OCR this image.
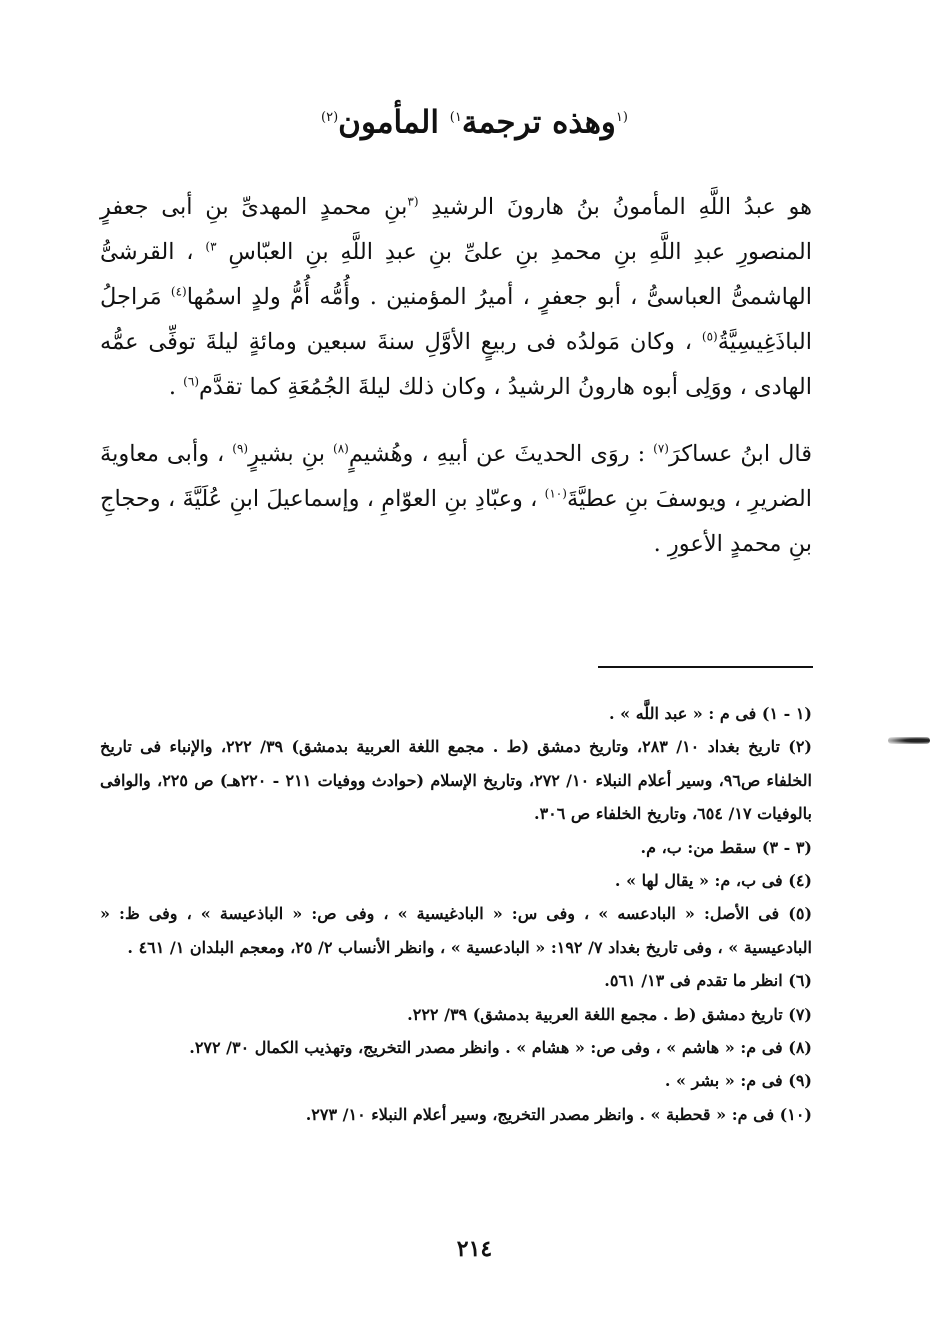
$^{(١}$وهذه ترجمة$^{١)}$ المأمون$^{(٢)}$

هو عبدُ اللَّهِ المأمونُ بنُ هارونَ الرشيدِ $^{(٣}$بنِ محمدٍ المهدىِّ بنِ أبى جعفرٍ المنصورِ عبدِ اللَّهِ بنِ محمدِ بنِ علىِّ بنِ عبدِ اللَّهِ بنِ العبّاسِ $^{٣)}$ ، القرشىُّ الهاشمىُّ العباسىُّ ، أبو جعفرٍ ، أميرُ المؤمنين . وأُمُّه أُمُّ ولدٍ اسمُها$^{(٤)}$ مَراجلُ الباذَغِيسِيَّةُ$^{(٥)}$ ، وكان مَولدُه فى ربيعٍ الأوَّلِ سنةَ سبعين ومائةٍ ليلةَ توفِّى عمُّه الهادى ، ووَلِى أبوه هارونُ الرشيدُ ، وكان ذلك ليلةَ الجُمُعَةِ كما تقدَّم$^{(٦)}$ .

قال ابنُ عساكرَ$^{(٧)}$ : روَى الحديثَ عن أبيهِ ، وهُشيمٍ$^{(٨)}$ بنِ بشيرٍ$^{(٩)}$ ، وأبى معاويةَ الضريرِ ، ويوسفَ بنِ عطيَّةَ$^{(١٠)}$ ، وعبّادِ بنِ العوّامِ ، وإسماعيلَ ابنِ عُلَيَّةَ ، وحجاجِ بنِ محمدٍ الأعورِ .

(١ - ١) فى م : « عبد اللَّه » .

(٢) تاريخ بغداد ١٠/ ٢٨٣، وتاريخ دمشق (ط . مجمع اللغة العربية بدمشق) ٣٩/ ٢٢٢، والإنباء فى تاريخ الخلفاء ص٩٦، وسير أعلام النبلاء ١٠/ ٢٧٢، وتاريخ الإسلام (حوادث ووفيات ٢١١ - ٢٢٠هـ) ص ٢٢٥، والوافى بالوفيات ١٧/ ٦٥٤، وتاريخ الخلفاء ص ٣٠٦.

(٣ - ٣) سقط من: ب، م.

(٤) فى ب، م: « يقال لها » .

(٥) فى الأصل: « البادعسه » ، وفى س: « البادغيسية » ، وفى ص: « الباذعيسة » ، وفى ظ: « البادعيسية » ، وفى تاريخ بغداد ٧/ ١٩٢: « البادعسية » ، وانظر الأنساب ٢/ ٢٥، ومعجم البلدان ١/ ٤٦١ .

(٦) انظر ما تقدم فى ١٣/ ٥٦١.

(٧) تاريخ دمشق (ط . مجمع اللغة العربية بدمشق) ٣٩/ ٢٢٢.

(٨) فى م: « هاشم » ، وفى ص: « هشام » . وانظر مصدر التخريج، وتهذيب الكمال ٣٠/ ٢٧٢.

(٩) فى م: « بشر » .

(١٠) فى م: « قحطبة » . وانظر مصدر التخريج، وسير أعلام النبلاء ١٠/ ٢٧٣.

٢١٤
